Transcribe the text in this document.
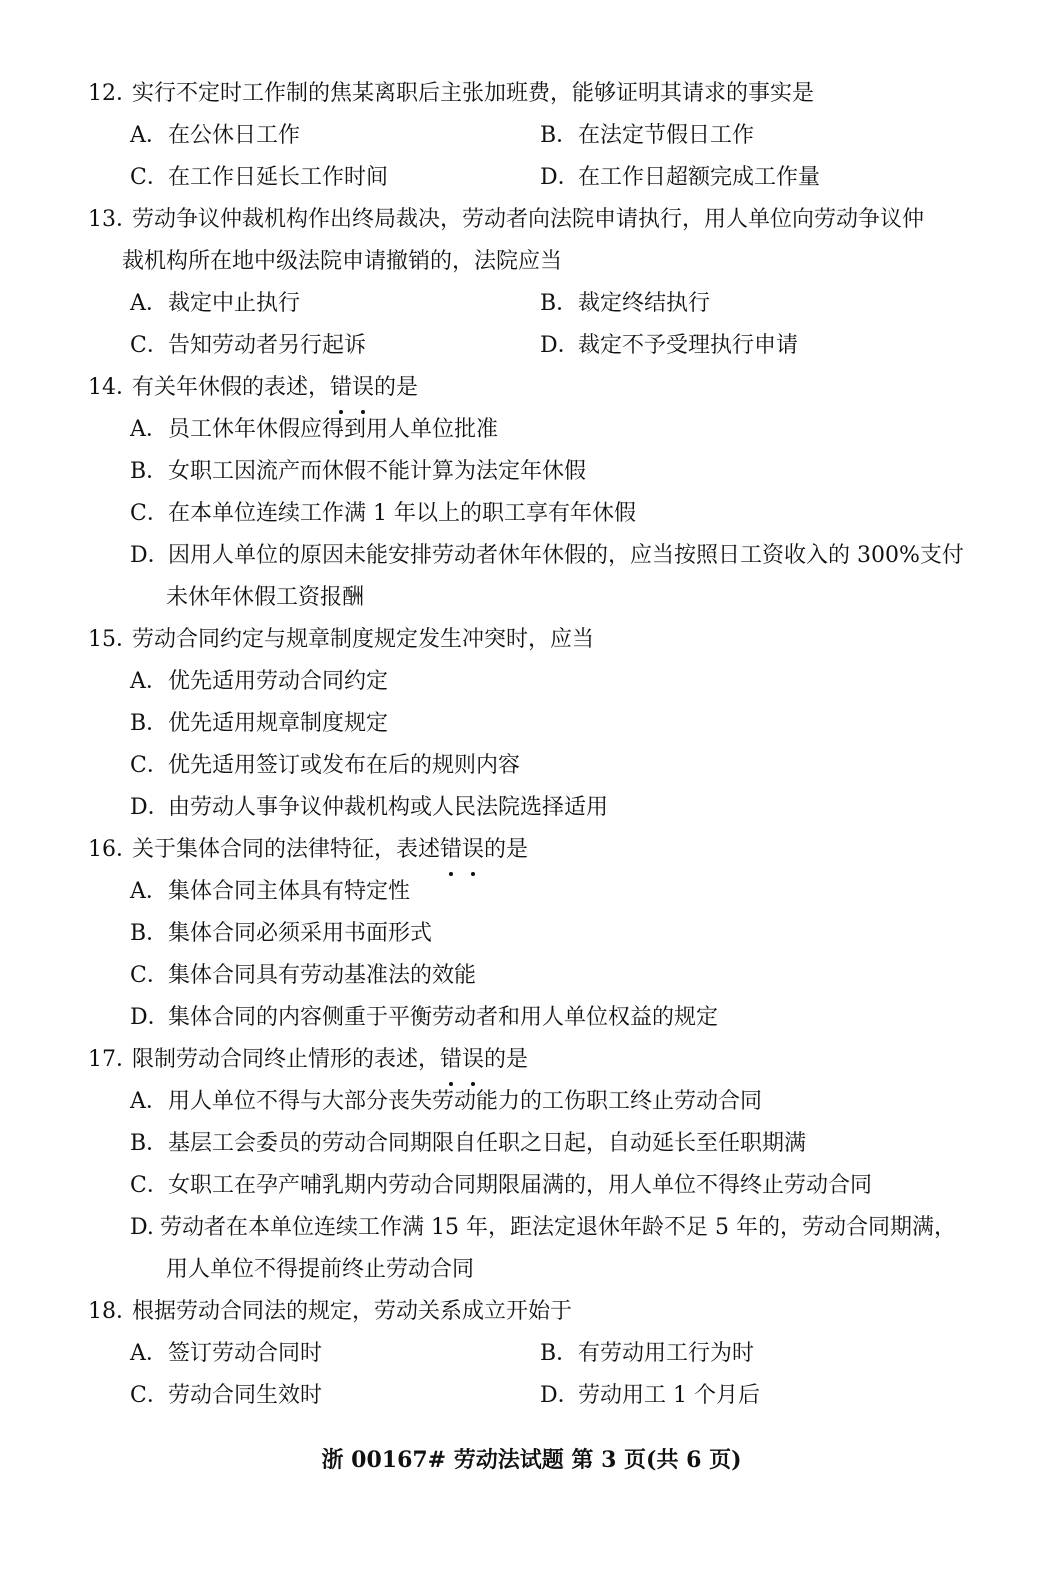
12．实行不定时工作制的焦某离职后主张加班费，能够证明其请求的事实是
A．在公休日工作	B．在法定节假日工作
C．在工作日延长工作时间	D．在工作日超额完成工作量
13．劳动争议仲裁机构作出终局裁决，劳动者向法院申请执行，用人单位向劳动争议仲
裁机构所在地中级法院申请撤销的，法院应当
A．裁定中止执行	B．裁定终结执行
C．告知劳动者另行起诉	D．裁定不予受理执行申请
14．有关年休假的表述，错误的是
A．员工休年休假应得到用人单位批准
B．女职工因流产而休假不能计算为法定年休假
C．在本单位连续工作满 1 年以上的职工享有年休假
D．因用人单位的原因未能安排劳动者休年休假的，应当按照日工资收入的 300%支付
未休年休假工资报酬
15．劳动合同约定与规章制度规定发生冲突时，应当
A．优先适用劳动合同约定
B．优先适用规章制度规定
C．优先适用签订或发布在后的规则内容
D．由劳动人事争议仲裁机构或人民法院选择适用
16．关于集体合同的法律特征，表述错误的是
A．集体合同主体具有特定性
B．集体合同必须采用书面形式
C．集体合同具有劳动基准法的效能
D．集体合同的内容侧重于平衡劳动者和用人单位权益的规定
17．限制劳动合同终止情形的表述，错误的是
A．用人单位不得与大部分丧失劳动能力的工伤职工终止劳动合同
B．基层工会委员的劳动合同期限自任职之日起，自动延长至任职期满
C．女职工在孕产哺乳期内劳动合同期限届满的，用人单位不得终止劳动合同
D. 劳动者在本单位连续工作满 15 年，距法定退休年龄不足 5 年的，劳动合同期满，
用人单位不得提前终止劳动合同
18．根据劳动合同法的规定，劳动关系成立开始于
A．签订劳动合同时	B．有劳动用工行为时
C．劳动合同生效时	D．劳动用工 1 个月后
浙 00167# 劳动法试题 第 3 页(共 6 页)
